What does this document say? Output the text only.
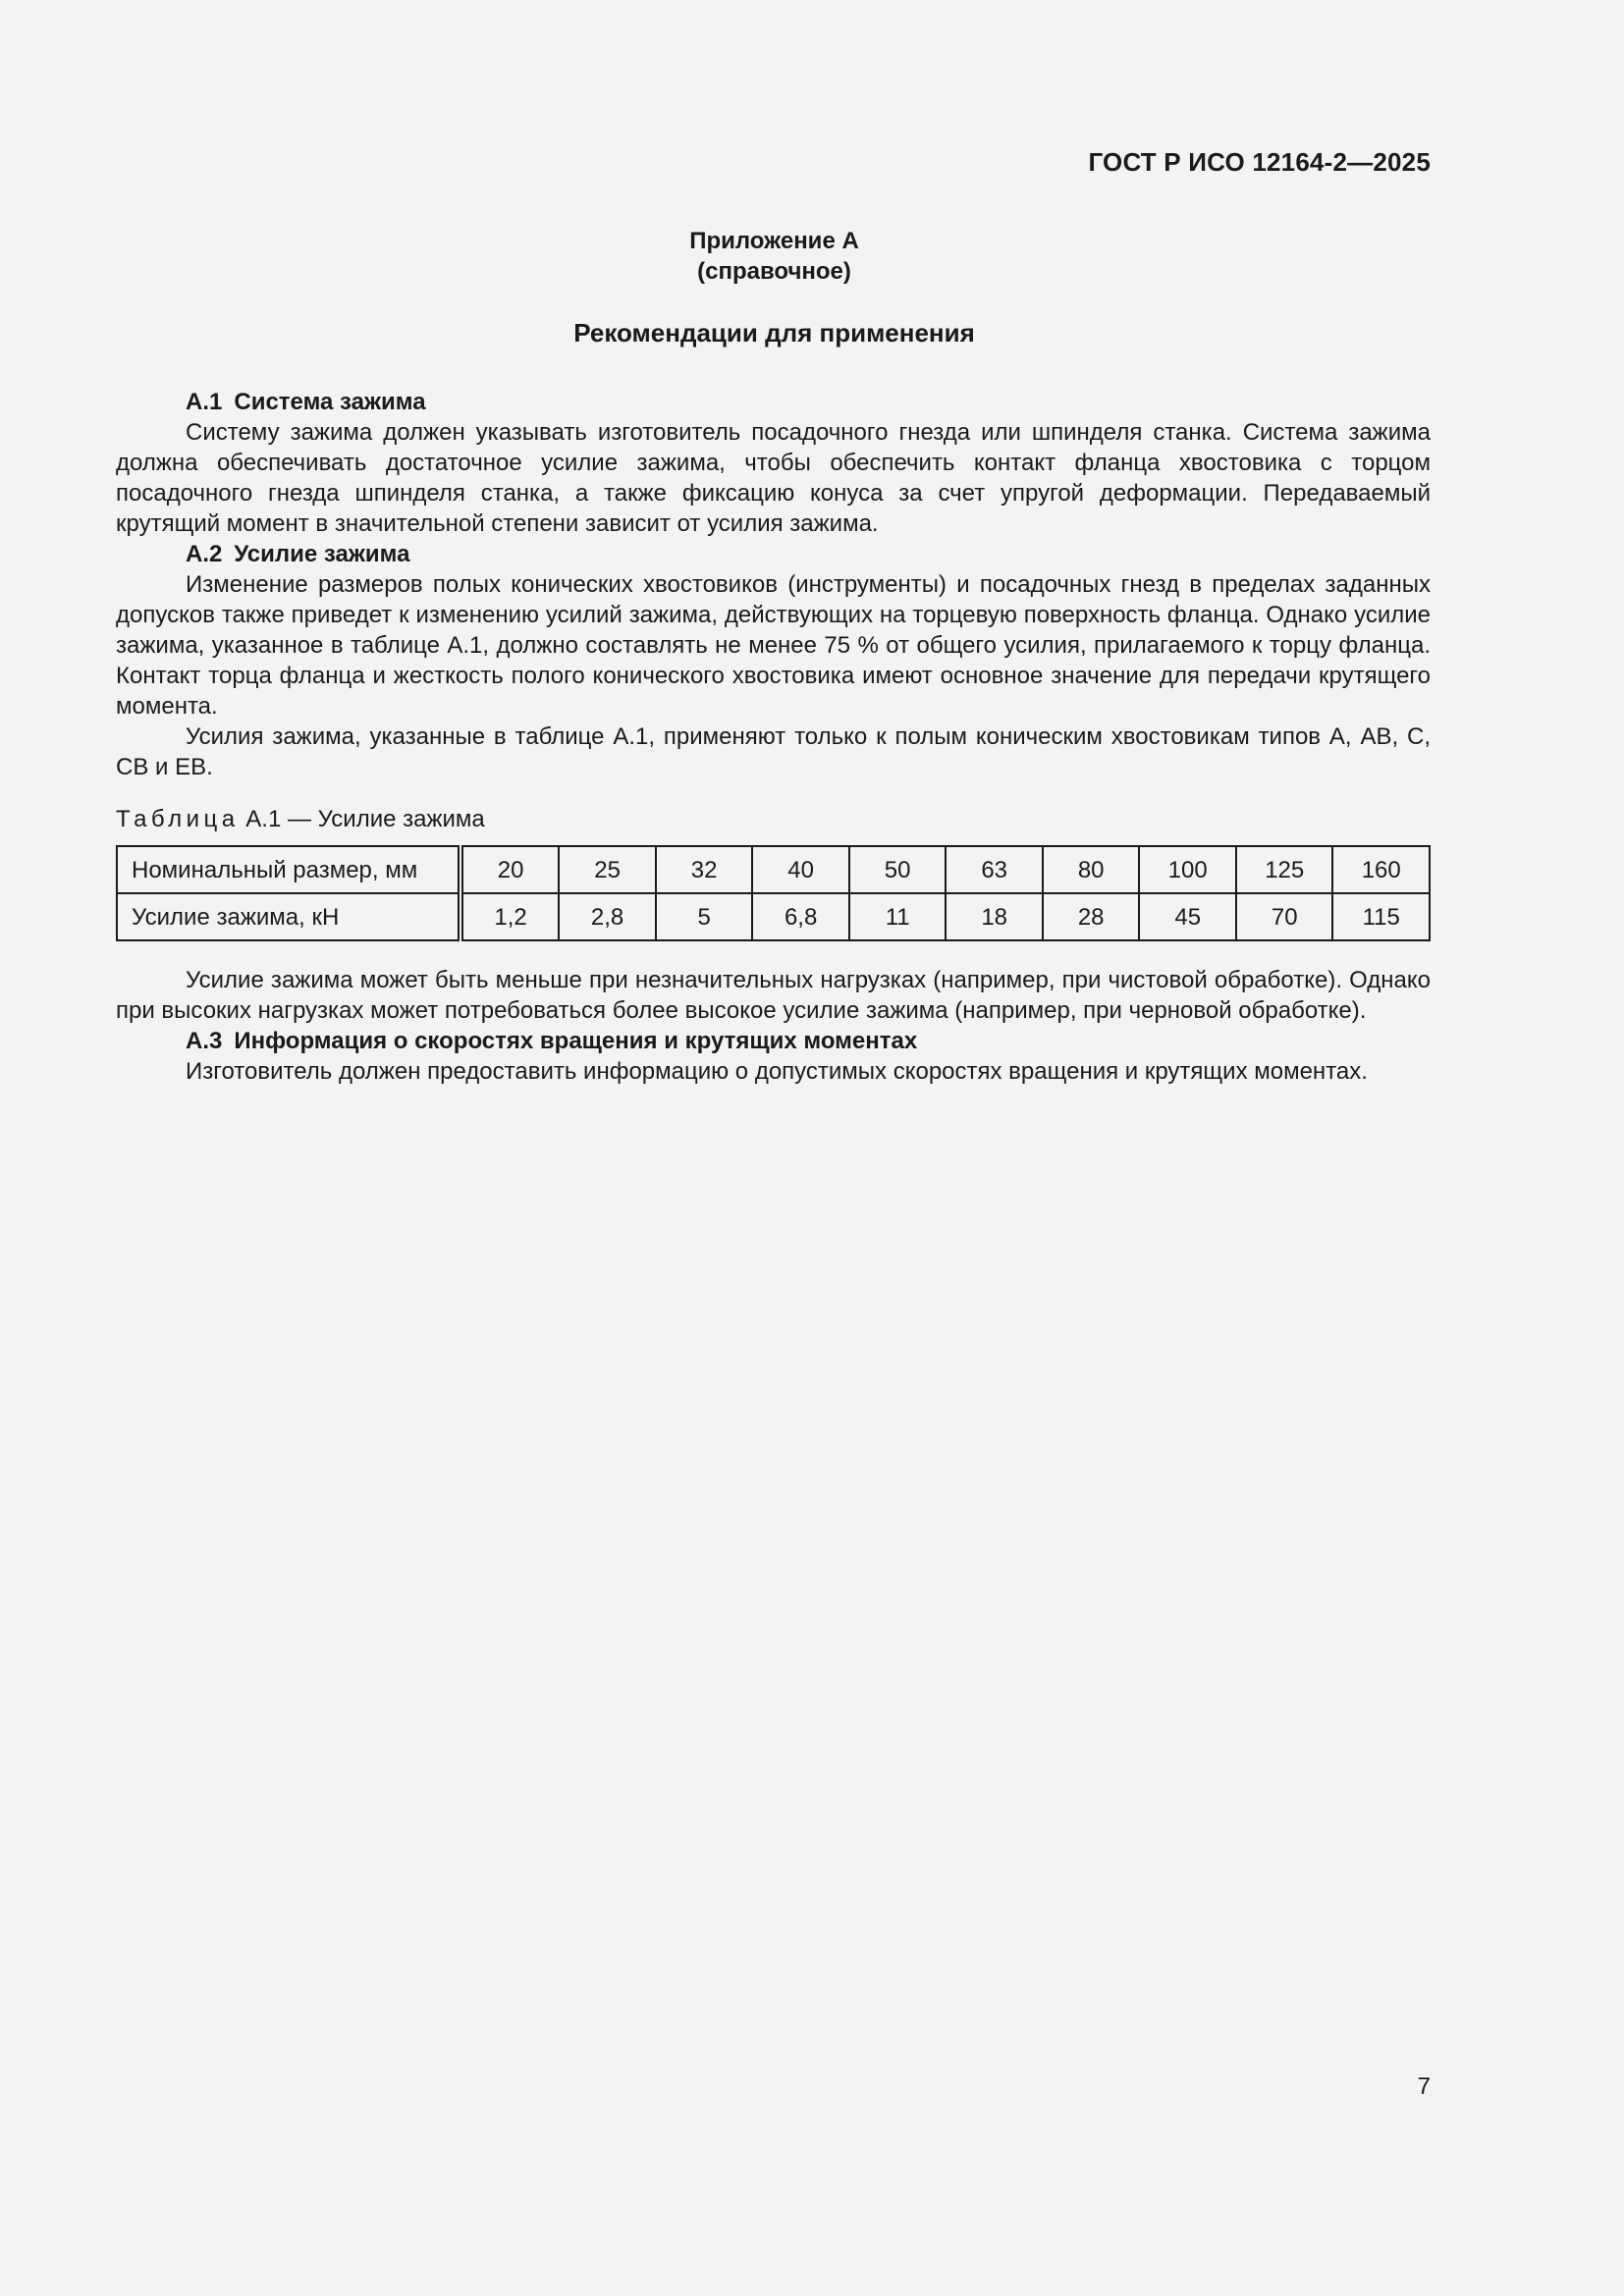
ГОСТ Р ИСО 12164-2—2025
Приложение А
(справочное)
Рекомендации для применения
А.1 Система зажима

Систему зажима должен указывать изготовитель посадочного гнезда или шпинделя станка. Система зажима должна обеспечивать достаточное усилие зажима, чтобы обеспечить контакт фланца хвостовика с торцом посадочного гнезда шпинделя станка, а также фиксацию конуса за счет упругой деформации. Передаваемый крутящий момент в значительной степени зависит от усилия зажима.

А.2 Усилие зажима

Изменение размеров полых конических хвостовиков (инструменты) и посадочных гнезд в пределах заданных допусков также приведет к изменению усилий зажима, действующих на торцевую поверхность фланца. Однако усилие зажима, указанное в таблице А.1, должно составлять не менее 75 % от общего усилия, прилагаемого к торцу фланца. Контакт торца фланца и жесткость полого конического хвостовика имеют основное значение для передачи крутящего момента.

Усилия зажима, указанные в таблице А.1, применяют только к полым коническим хвостовикам типов А, АВ, С, СВ и ЕВ.

Таблица А.1 — Усилие зажима
Номинальный размер, мм	20	25	32	40	50	63	80	100	125	160
Усилие зажима, кН	1,2	2,8	5	6,8	11	18	28	45	70	115

Усилие зажима может быть меньше при незначительных нагрузках (например, при чистовой обработке). Однако при высоких нагрузках может потребоваться более высокое усилие зажима (например, при черновой обработке).

А.3 Информация о скоростях вращения и крутящих моментах

Изготовитель должен предоставить информацию о допустимых скоростях вращения и крутящих моментах.

7
